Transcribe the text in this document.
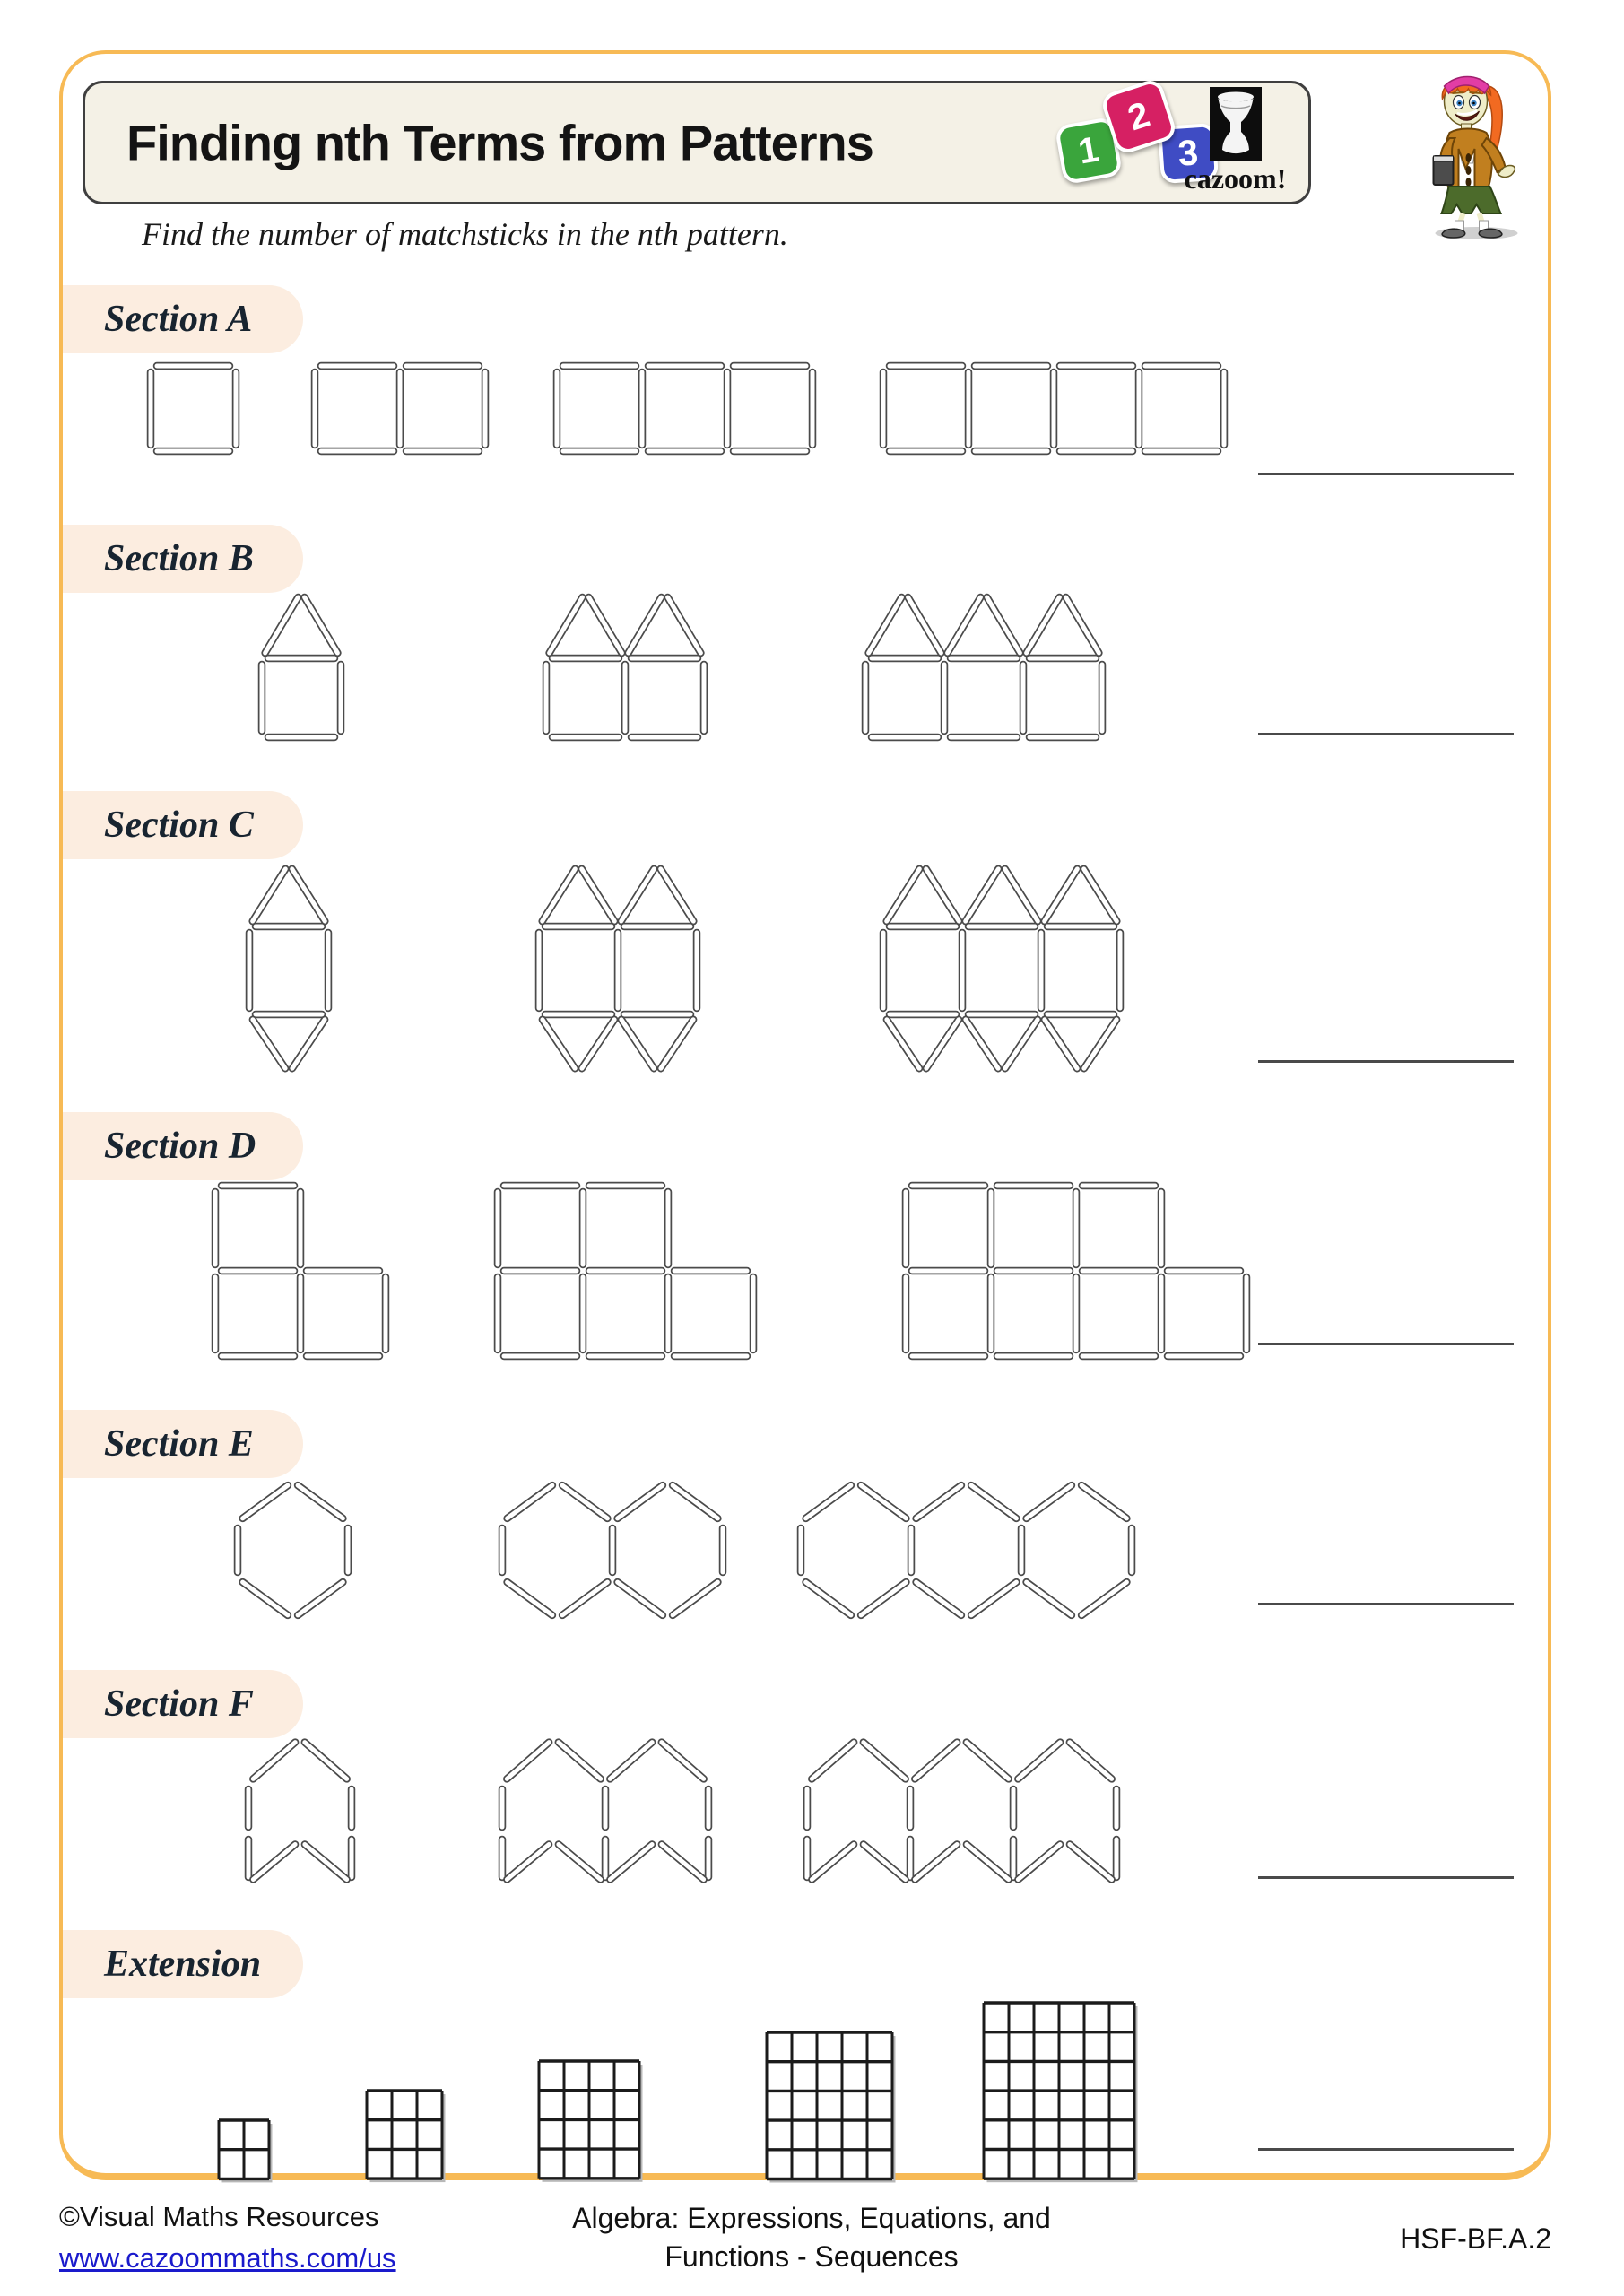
Finding nth Terms from Patterns	1
2
3
cazoom!

Find the number of matchsticks in the nth pattern.

Section A
Section B
Section C
Section D
Section E
Section F
Extension
©Visual Maths Resources
www.cazoommaths.com/us
Algebra: Expressions, Equations, and
Functions - Sequences
HSF-BF.A.2
